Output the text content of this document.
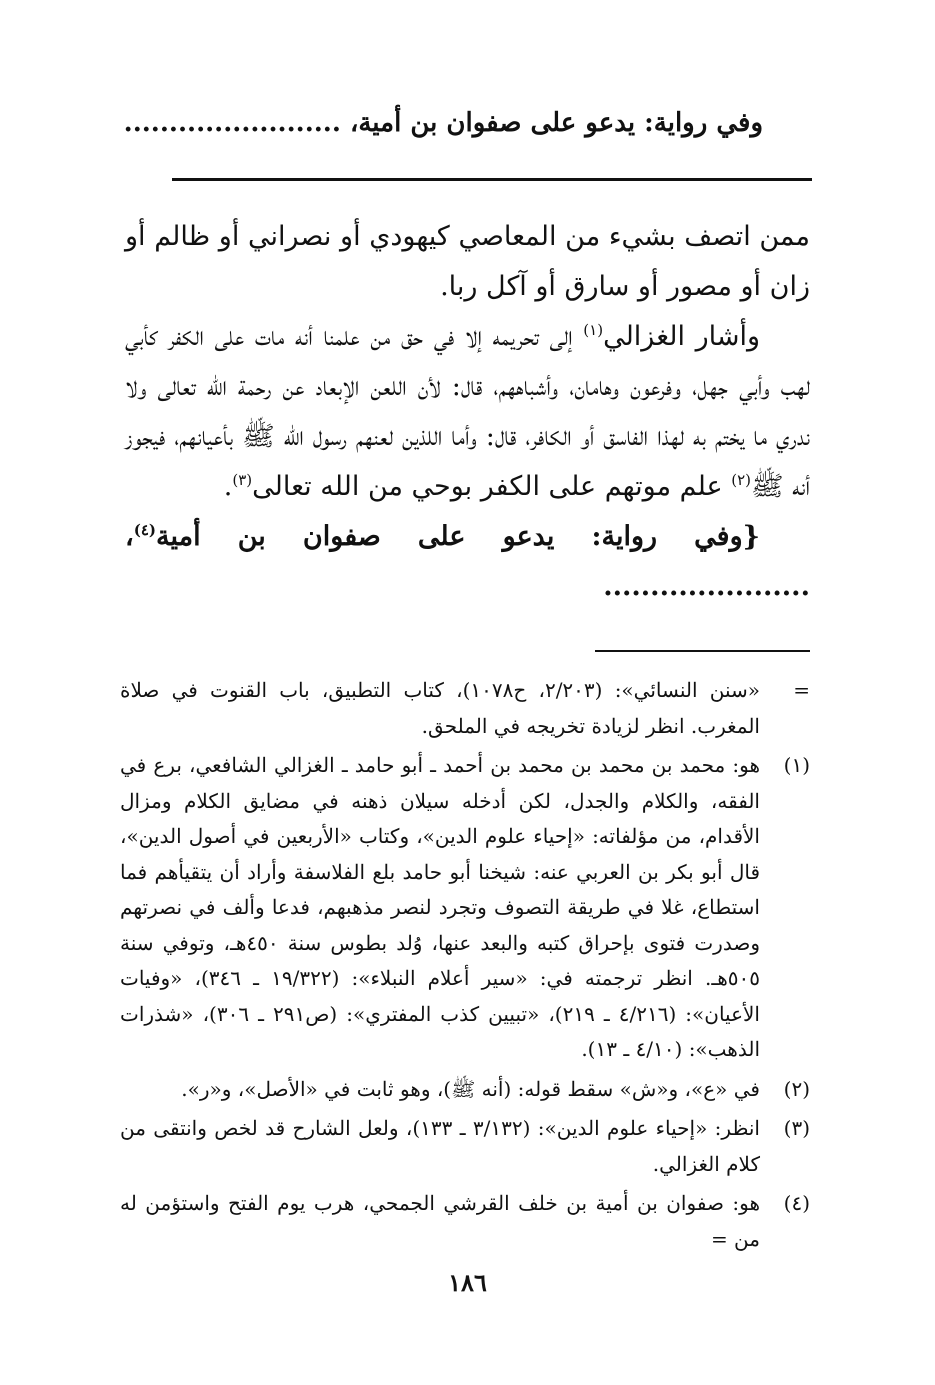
وفي رواية: يدعو على صفوان بن أمية، ........................

ممن اتصف بشيء من المعاصي كيهودي أو نصراني أو ظالم أو زان أو مصور أو سارق أو آكل ربا.

وأشار الغزالي$^{(١)}$ إلى تحريمه إلا في حق من علمنا أنه مات على الكفر كأبي لهب وأبي جهل، وفرعون وهامان، وأشباههم، قال: لأن اللعن الإبعاد عن رحمة الله تعالى ولا ندري ما يختم به لهذا الفاسق أو الكافر، قال: وأما اللذين لعنهم رسول الله ﷺ بأعيانهم، فيجوز أنه ﷺ$^{(٢)}$ علم موتهم على الكفر بوحي من الله تعالى$^{(٣)}$.

{وفي رواية: يدعو على صفوان بن أمية$^{(٤)}$، ......................

=
«سنن النسائي»: (٢/٢٠٣، ح١٠٧٨)، كتاب التطبيق، باب القنوت في صلاة المغرب. انظر لزيادة تخريجه في الملحق.
(١)
هو: محمد بن محمد بن محمد بن أحمد ـ أبو حامد ـ الغزالي الشافعي، برع في الفقه، والكلام والجدل، لكن أدخله سيلان ذهنه في مضايق الكلام ومزال الأقدام، من مؤلفاته: «إحياء علوم الدين»، وكتاب «الأربعين في أصول الدين»، قال أبو بكر بن العربي عنه: شيخنا أبو حامد بلع الفلاسفة وأراد أن يتقيأهم فما استطاع، غلا في طريقة التصوف وتجرد لنصر مذهبهم، فدعا وألف في نصرتهم وصدرت فتوى بإحراق كتبه والبعد عنها، وُلد بطوس سنة ٤٥٠هـ، وتوفي سنة ٥٠٥هـ. انظر ترجمته في: «سير أعلام النبلاء»: (١٩/٣٢٢ ـ ٣٤٦)، «وفيات الأعيان»: (٤/٢١٦ ـ ٢١٩)، «تبيين كذب المفتري»: (ص٢٩١ ـ ٣٠٦)، «شذرات الذهب»: (٤/١٠ ـ ١٣).
(٢)
في «ع»، و«ش» سقط قوله: (أنه ﷺ)، وهو ثابت في «الأصل»، و«ر».
(٣)
انظر: «إحياء علوم الدين»: (٣/١٣٢ ـ ١٣٣)، ولعل الشارح قد لخص وانتقى من كلام الغزالي.
(٤)
هو: صفوان بن أمية بن خلف القرشي الجمحي، هرب يوم الفتح واستؤمن له من =
١٨٦
